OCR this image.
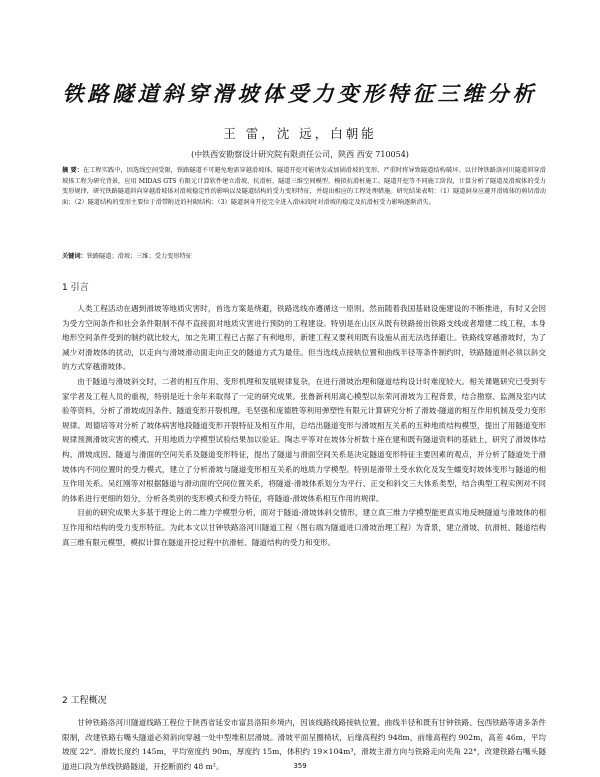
铁路隧道斜穿滑坡体受力变形特征三维分析
王 雷，沈 远，白朝能
(中铁西安勘察设计研究院有限责任公司，陕西 西安 710054)
摘 要：在工程实践中，因选线空间受限，铁路隧道不可避免地需穿越滑坡体，隧道开挖可能诱发或加剧滑坡的变形，严重时将导致隧道结构破坏。以甘钟铁路洛河川隧道斜穿滑坡体工程为研究背景，应用 MIDAS GTS 有限元计算软件建立滑坡、抗滑桩、隧道三维空间模型，模拟抗滑桩施工、隧道开挖等不同施工阶段，计算分析了隧道及滑坡体的受力变形规律，研究铁路隧道斜向穿越滑坡体对滑坡稳定性的影响以及隧道结构的受力变形特征，并提出相应的工程处理措施。研究结果表明：（1）隧道洞身应避开滑坡体的剪切滑动面；（2）隧道结构的变形主要位于滑带附近的衬砌结构；（3）隧道洞身开挖完全进入滑床段时对滑坡的稳定及抗滑桩受力影响逐渐消失。
关键词：铁路隧道；滑坡；三维；受力变形特征
1 引言

人类工程活动在遇到滑坡等地质灾害时，首选方案是绕避，铁路选线亦遵循这一原则。然而随着我国基础设施建设的不断推进，有时又会因为受方空间条件和社会条件限制不得不直接面对地质灾害进行预防的工程建设。特别是在山区从既有铁路接出铁路支线或者增建二线工程，本身地形空间条件受到的制约就比较大，加之先期工程已占据了有利地形，新建工程又要利用既有设施从而无法选择避让。铁路线穿越滑坡时，为了减少对滑坡体的扰动，以走向与滑坡滑动面走向正交的隧道方式为最佳。但当选线点接轨位置和曲线半径等条件制约时，铁路隧道则必须以斜交的方式穿越滑坡体。

由于隧道与滑坡斜交时，二者的相互作用、变形机理和发展规律复杂，在进行滑坡治理和隧道结构设计时难度较大。相关课题研究已受到专家学者及工程人员的重视，特别是近十余年来取得了一定的研究成果。张鲁新利用离心模型以东荣河滑坡为工程背景，结合勘察、监测及室内试验等资料，分析了滑坡成因条件、隧道变形开裂机理。毛坚强和庞德胜等利用弹塑性有限元计算研究分析了滑坡-隧道的相互作用机制及受力变形规律。周德培等对分析了坡体病害地段隧道变形开裂特征及相互作用，总结出隧道变形与滑坡相互关系的五种地质结构模型，提出了用隧道变形规律预测滑坡灾害的模式。开用地质力学模型试验结果加以验证。陶志平等对在坡体分析数十座在建和既有隧道资料的基础上，研究了滑坡体结构、滑坡成因、隧道与滑面的空间关系及隧道变形特征，提出了隧道与滑面空间关系是决定隧道变形特征主要因素的观点，并分析了隧道处于滑坡体内不同位置时的受力模式，建立了分析滑坡与隧道变形相互关系的地质力学模型。特别是滑带土受水软化及发生蠕变时坡体变形与隧道的相互作用关系。吴红刚等对根据隧道与滑动面的空间位置关系，将隧道-滑坡体系划分为平行、正交和斜交三大体系类型，结合典型工程实例对不同的体系进行更细的划分，分析各类别的变形模式和受力特征，将隧道-滑坡体系相互作用的规律。

目前的研究成果大多基于理论上的二维力学模型分析，面对于隧道-滑坡体斜交情形，建立真三维力学模型能更真实地反映隧道与滑坡体的相互作用和结构的受力变形特征。为此本文以甘钟铁路洛河川隧道工程（图右端为隧道进口滑坡治理工程）为背景，建立滑坡、抗滑桩、隧道结构真三维有限元模型，模拟计算在隧道开挖过程中抗滑桩、隧道结构的受力和变形。

2 工程概况

甘钟铁路洛河川隧道线路工程位于陕西省延安市富县洛阳乡境内，因该线路线路接轨位置、曲线半径和既有甘钟铁路、包西铁路等诸多条件限制，改建铁路右嘴头隧道必须斜向穿越一处中型堆积层滑坡。滑坡平面呈圈椅状，后缘高程约 948m，前缘高程约 902m，高差 46m，平均坡度 22°。滑坡长度约 145m，平均宽度约 90m，厚度约 15m，体积约 19×104m³，滑坡主滑方向与铁路走向夹角 22°，改建铁路右嘴头隧道进口段为单线铁路隧道，开挖断面约 48 m²。	359
